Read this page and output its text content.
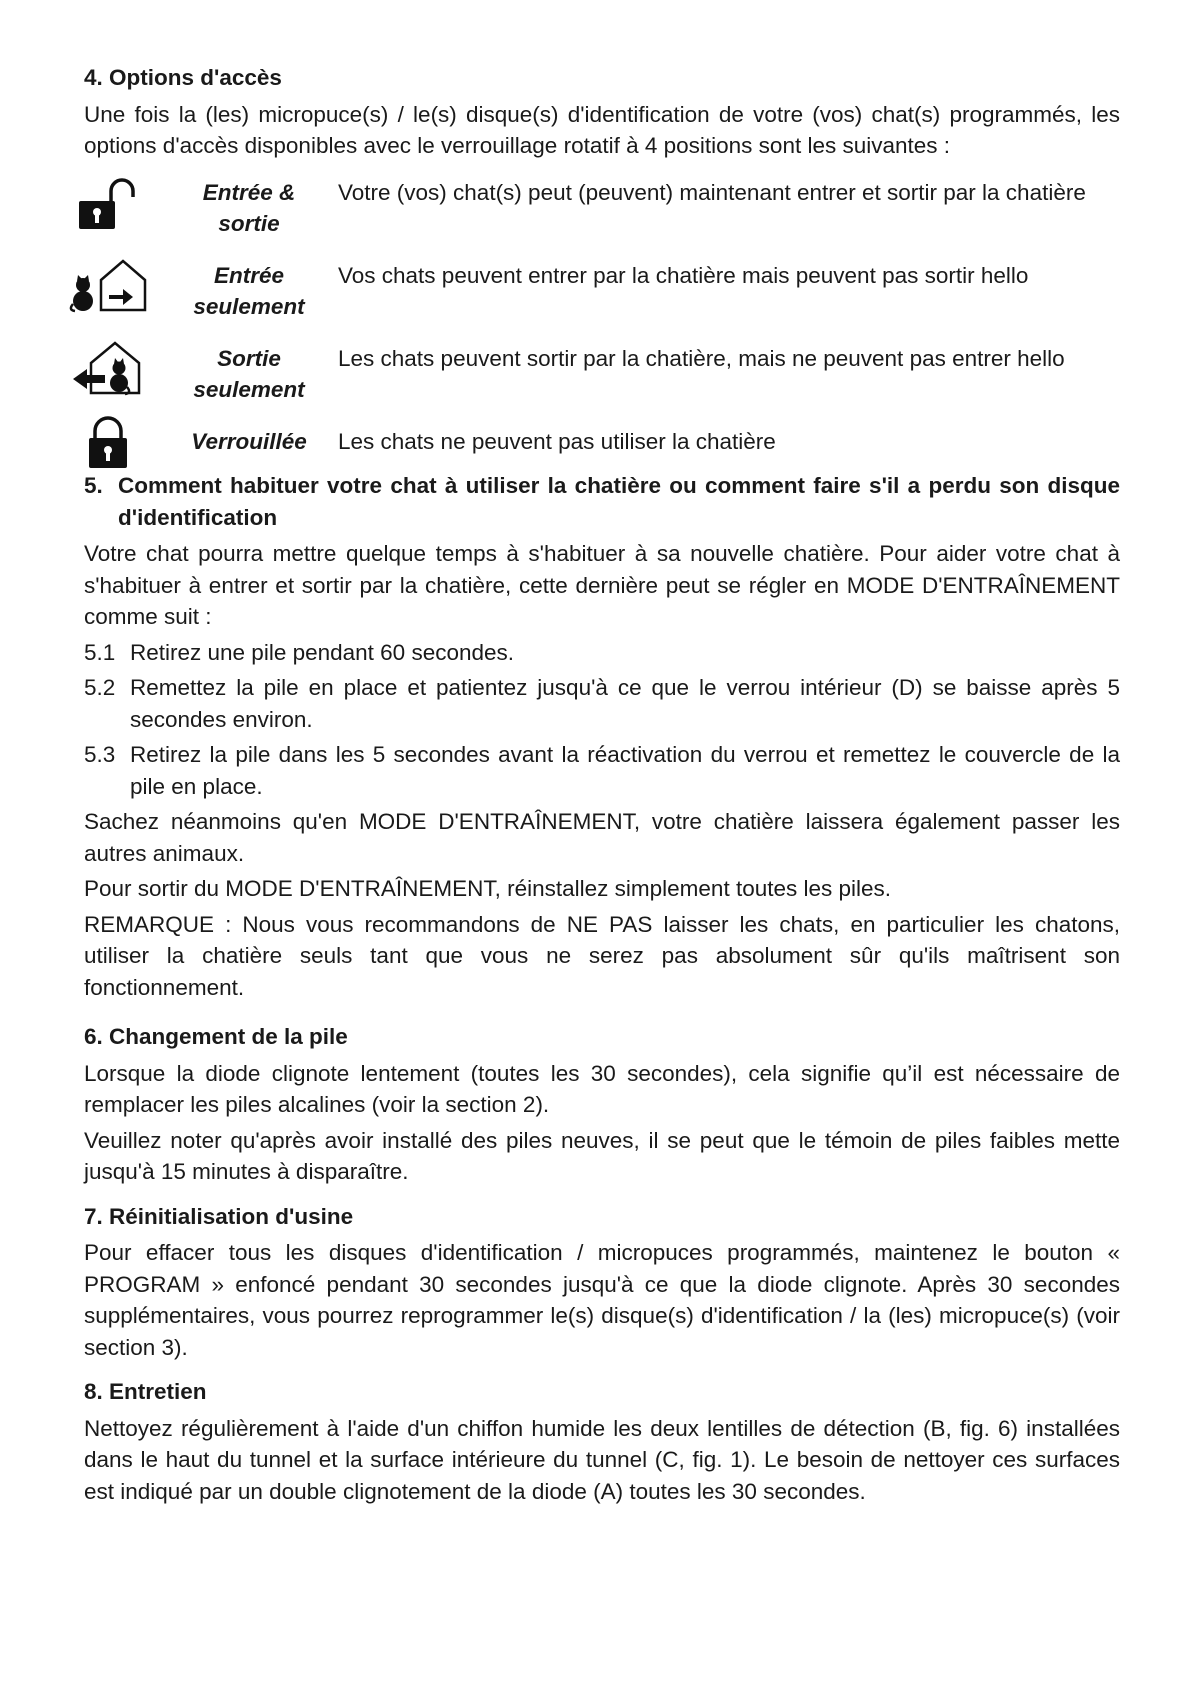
4. Options d'accès

Une fois la (les) micropuce(s) / le(s) disque(s) d'identification de votre (vos) chat(s) programmés, les options d'accès disponibles avec le verrouillage rotatif à 4 positions sont les suivantes :

Entrée & sortie
Votre (vos) chat(s) peut (peuvent) maintenant entrer et sortir par la chatière
Entrée seulement
Vos chats peuvent entrer par la chatière mais peuvent pas sortir hello
Sortie seulement
Les chats peuvent sortir par la chatière, mais ne peuvent pas entrer hello
Verrouillée	Les chats ne peuvent pas utiliser la chatière
5. Comment habituer votre chat à utiliser la chatière ou comment faire s'il a perdu son disque d'identification

Votre chat pourra mettre quelque temps à s'habituer à sa nouvelle chatière. Pour aider votre chat à s'habituer à entrer et sortir par la chatière, cette dernière peut se régler en MODE D'ENTRAÎNEMENT comme suit :

5.1 Retirez une pile pendant 60 secondes.
5.2 Remettez la pile en place et patientez jusqu'à ce que le verrou intérieur (D) se baisse après 5 secondes environ.
5.3 Retirez la pile dans les 5 secondes avant la réactivation du verrou et remettez le couvercle de la pile en place.

Sachez néanmoins qu'en MODE D'ENTRAÎNEMENT, votre chatière laissera également passer les autres animaux.

Pour sortir du MODE D'ENTRAÎNEMENT, réinstallez simplement toutes les piles.

REMARQUE : Nous vous recommandons de NE PAS laisser les chats, en particulier les chatons, utiliser la chatière seuls tant que vous ne serez pas absolument sûr qu'ils maîtrisent son fonctionnement.

6. Changement de la pile

Lorsque la diode clignote lentement (toutes les 30 secondes), cela signifie qu’il est nécessaire de remplacer les piles alcalines (voir la section 2).

Veuillez noter qu'après avoir installé des piles neuves, il se peut que le témoin de piles faibles mette jusqu'à 15 minutes à disparaître.

7. Réinitialisation d'usine

Pour effacer tous les disques d'identification / micropuces programmés, maintenez le bouton « PROGRAM » enfoncé pendant 30 secondes jusqu'à ce que la diode clignote. Après 30 secondes supplémentaires, vous pourrez reprogrammer le(s) disque(s) d'identification / la (les) micropuce(s) (voir section 3).

8. Entretien

Nettoyez régulièrement à l'aide d'un chiffon humide les deux lentilles de détection (B, fig. 6) installées dans le haut du tunnel et la surface intérieure du tunnel (C, fig. 1). Le besoin de nettoyer ces surfaces est indiqué par un double clignotement de la diode (A) toutes les 30 secondes.
